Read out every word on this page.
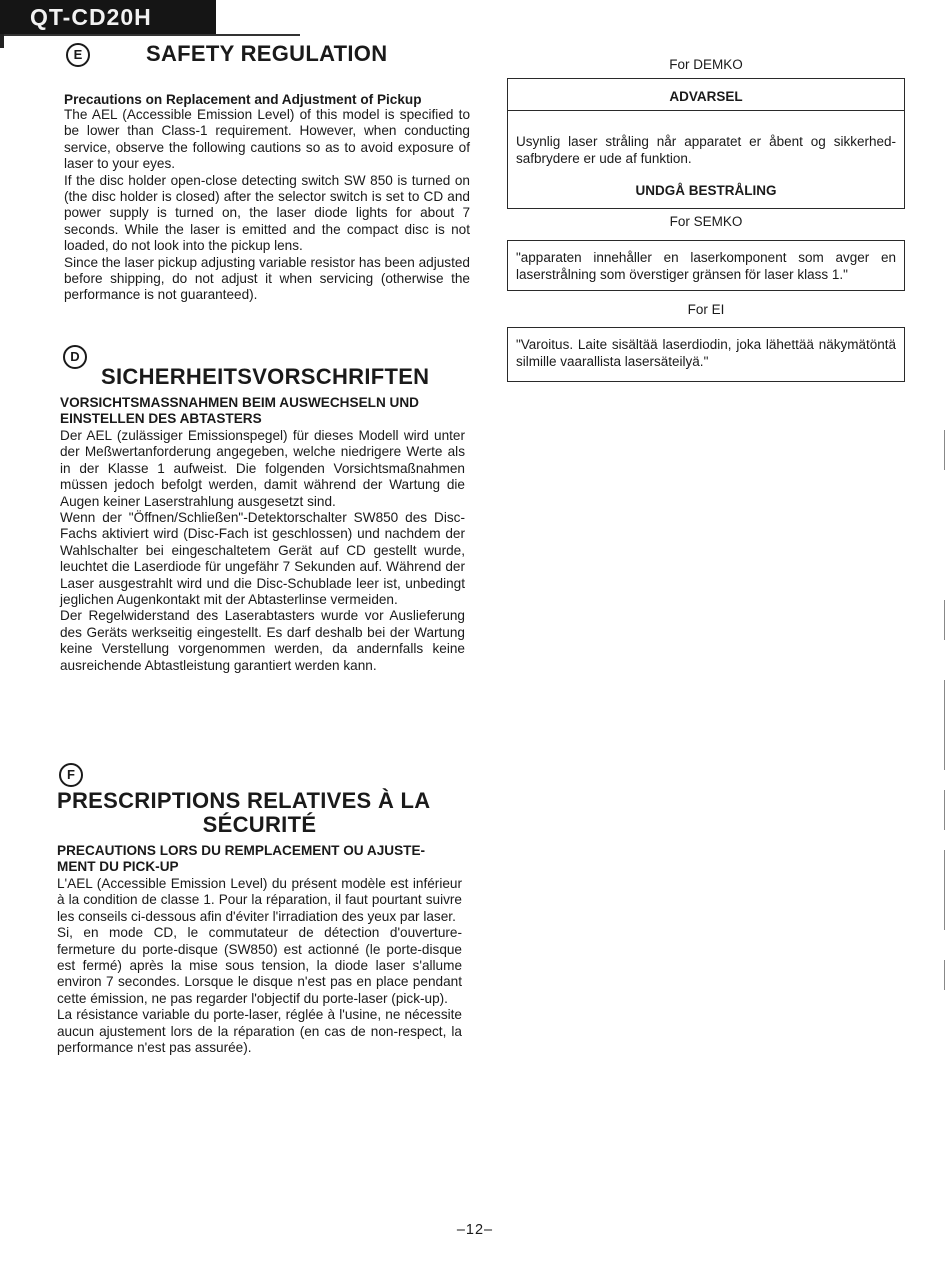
QT-CD20H
E	SAFETY REGULATION
Precautions on Replacement and Adjustment of Pickup

The AEL (Accessible Emission Level) of this model is specified to be lower than Class-1 requirement. However, when conducting service, observe the following cautions so as to avoid exposure of laser to your eyes.

If the disc holder open-close detecting switch SW 850 is turned on (the disc holder is closed) after the selector switch is set to CD and power supply is turned on, the laser diode lights for about 7 seconds. While the laser is emitted and the compact disc is not loaded, do not look into the pickup lens.

Since the laser pickup adjusting variable resistor has been adjusted before shipping, do not adjust it when servicing (otherwise the performance is not guaranteed).

D
SICHERHEITSVORSCHRIFTEN
VORSICHTSMASSNAHMEN BEIM AUSWECHSELN UND EINSTELLEN DES ABTASTERS

Der AEL (zulässiger Emissionspegel) für dieses Modell wird unter der Meßwertanforderung angegeben, welche niedrigere Werte als in der Klasse 1 aufweist. Die folgenden Vorsichtsmaßnahmen müssen jedoch befolgt werden, damit während der Wartung die Augen keiner Laserstrahlung ausgesetzt sind.

Wenn der "Öffnen/Schließen"-Detektorschalter SW850 des Disc-Fachs aktiviert wird (Disc-Fach ist geschlossen) und nachdem der Wahlschalter bei eingeschaltetem Gerät auf CD gestellt wurde, leuchtet die Laserdiode für ungefähr 7 Sekunden auf. Während der Laser ausgestrahlt wird und die Disc-Schublade leer ist, unbedingt jeglichen Augenkontakt mit der Abtasterlinse vermeiden.

Der Regelwiderstand des Laserabtasters wurde vor Auslieferung des Geräts werkseitig eingestellt. Es darf deshalb bei der Wartung keine Verstellung vorgenommen werden, da andernfalls keine ausreichende Abtastleistung garantiert werden kann.

F
PRESCRIPTIONS RELATIVES À LA
SÉCURITÉ
PRECAUTIONS LORS DU REMPLACEMENT OU AJUSTE-MENT DU PICK-UP

L'AEL (Accessible Emission Level) du présent modèle est inférieur à la condition de classe 1. Pour la réparation, il faut pourtant suivre les conseils ci-dessous afin d'éviter l'irradiation des yeux par laser.

Si, en mode CD, le commutateur de détection d'ouverture-fermeture du porte-disque (SW850) est actionné (le porte-disque est fermé) après la mise sous tension, la diode laser s'allume environ 7 secondes. Lorsque le disque n'est pas en place pendant cette émission, ne pas regarder l'objectif du porte-laser (pick-up).

La résistance variable du porte-laser, réglée à l'usine, ne nécessite aucun ajustement lors de la réparation (en cas de non-respect, la performance n'est pas assurée).

For DEMKO
ADVARSEL
Usynlig laser stråling når apparatet er åbent og sikkerhed-safbrydere er ude af funktion.
UNDGÅ BESTRÅLING
For SEMKO
"apparaten innehåller en laserkomponent som avger en laserstrålning som överstiger gränsen för laser klass 1."
For EI
"Varoitus. Laite sisältää laserdiodin, joka lähettää näkymätöntä silmille vaarallista lasersäteilyä."
–12–
